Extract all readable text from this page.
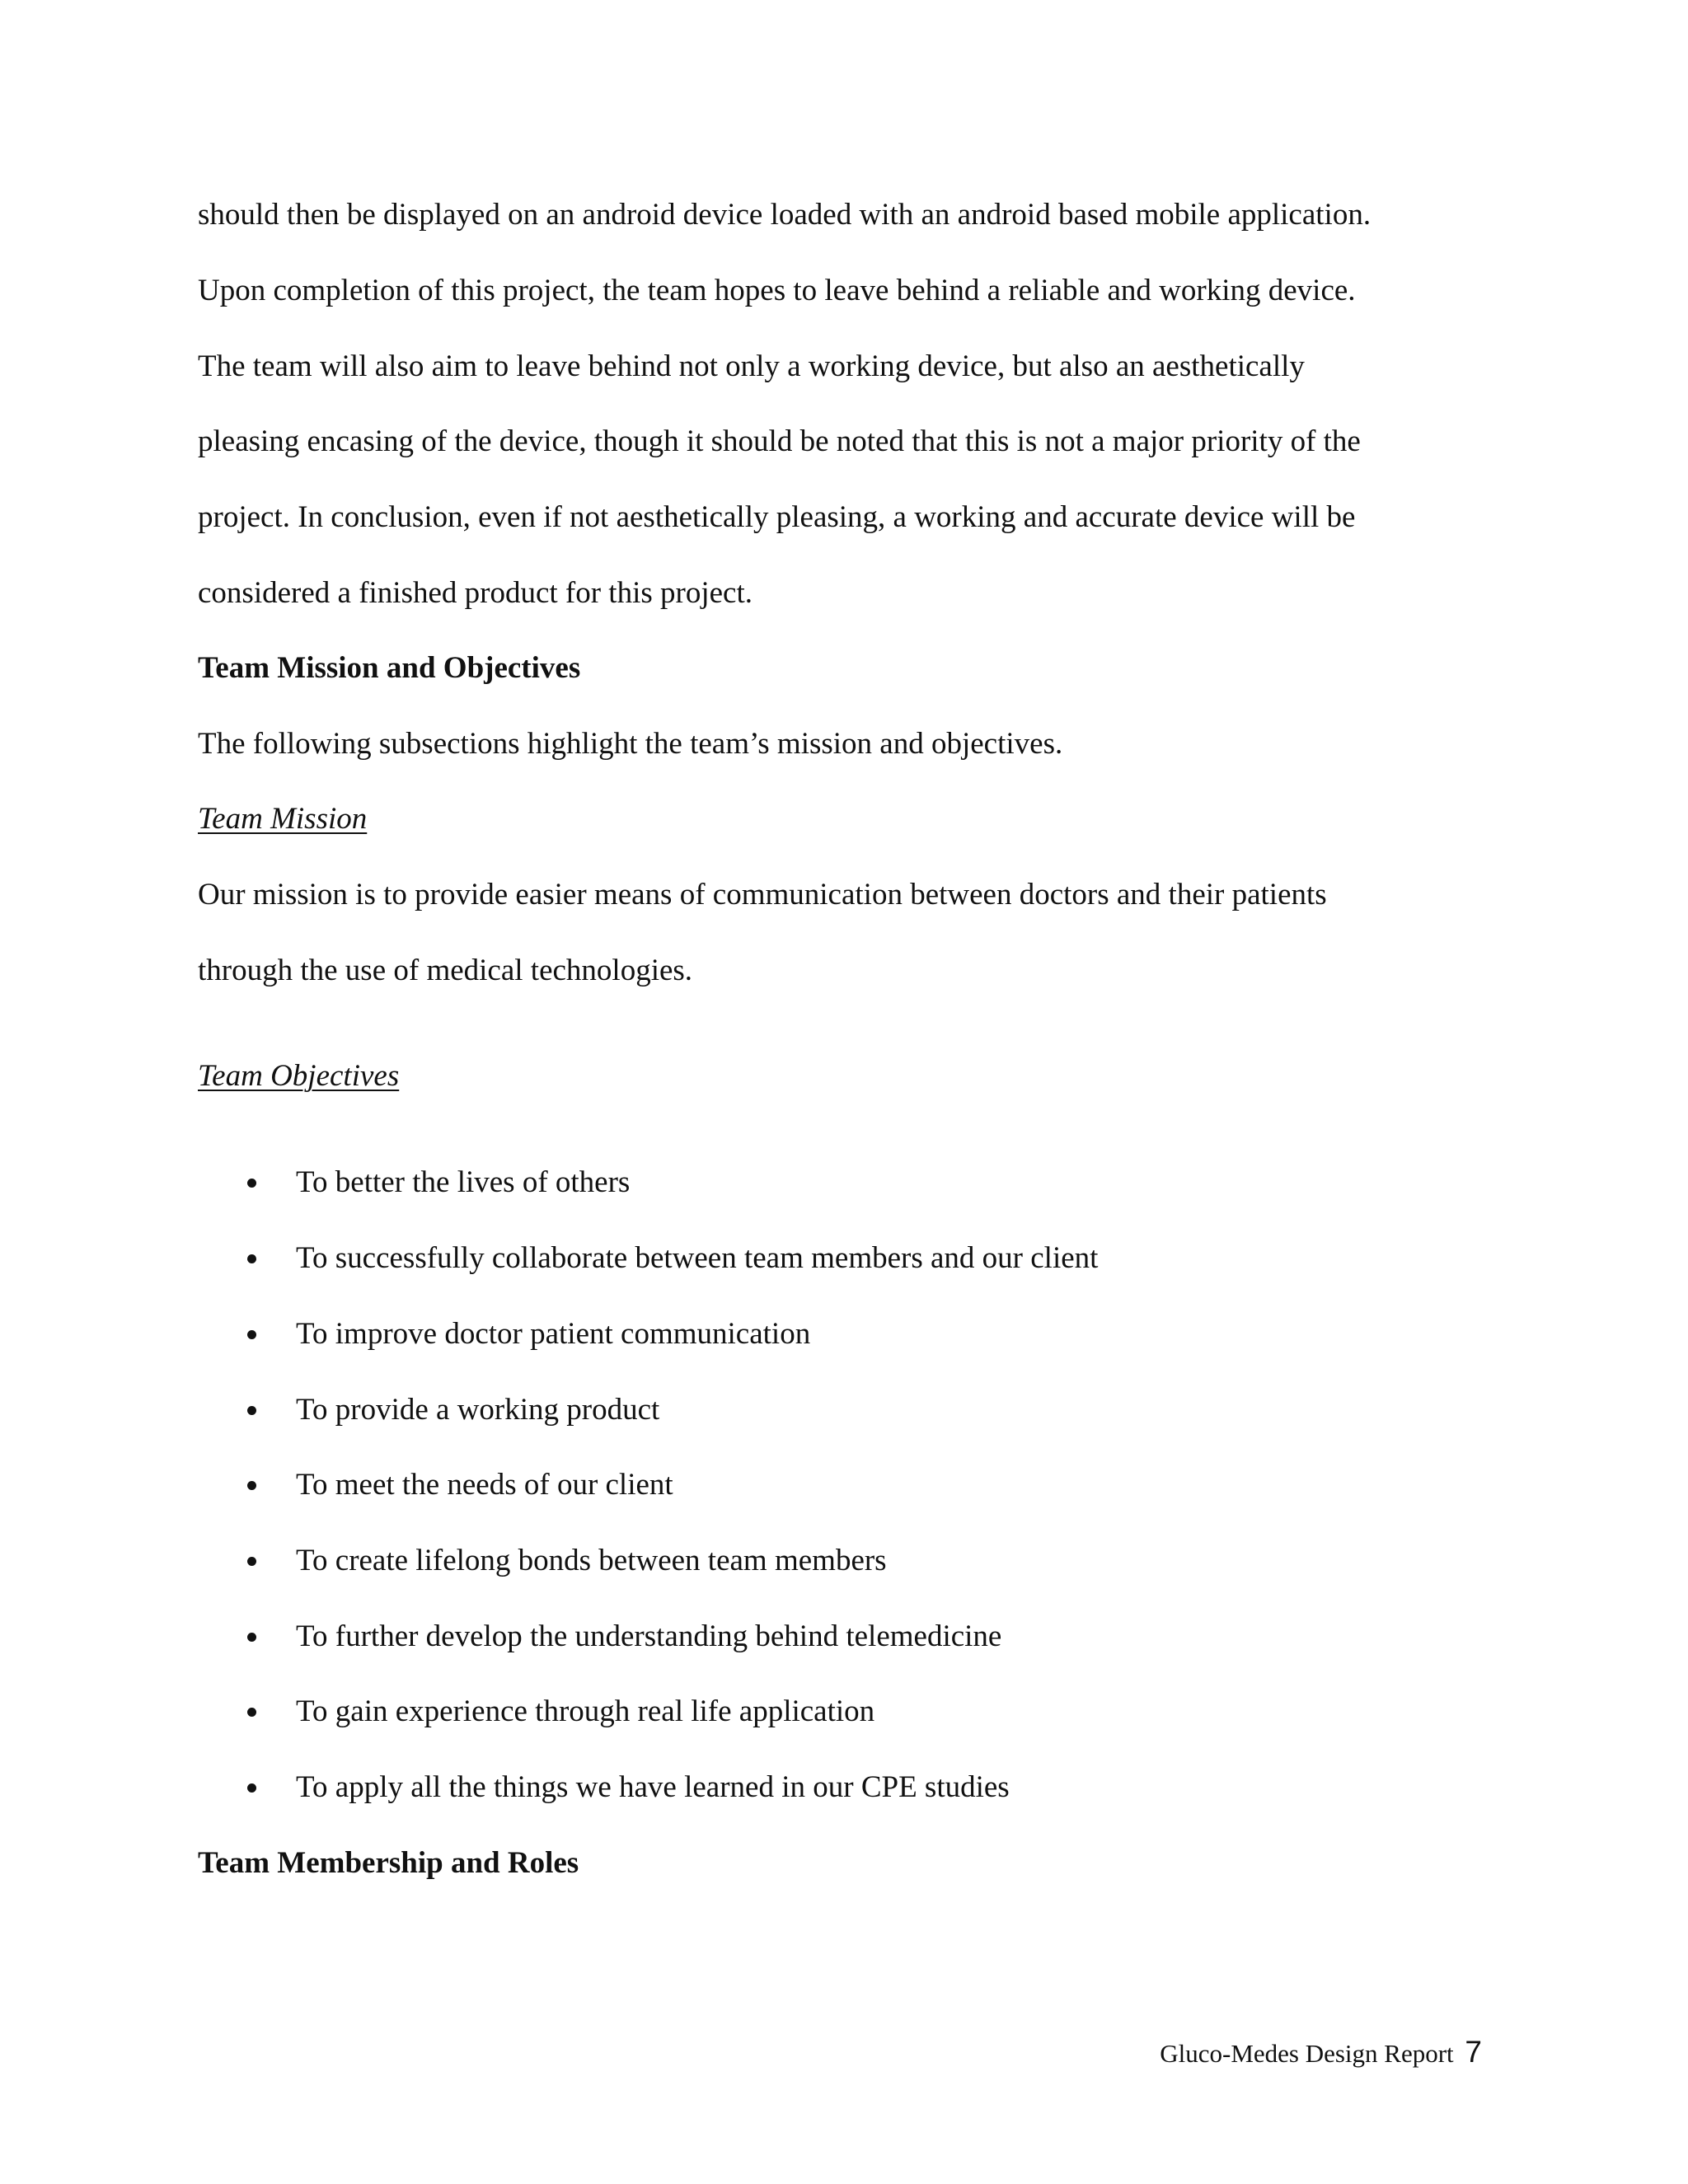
should then be displayed on an android device loaded with an android based mobile application.
Upon completion of this project, the team hopes to leave behind a reliable and working device.
The team will also aim to leave behind not only a working device, but also an aesthetically
pleasing encasing of the device, though it should be noted that this is not a major priority of the
project. In conclusion, even if not aesthetically pleasing, a working and accurate device will be
considered a finished product for this project.
Team Mission and Objectives
The following subsections highlight the team’s mission and objectives.
Team Mission
Our mission is to provide easier means of communication between doctors and their patients
through the use of medical technologies.
Team Objectives
To better the lives of others
To successfully collaborate between team members and our client
To improve doctor patient communication
To provide a working product
To meet the needs of our client
To create lifelong bonds between team members
To further develop the understanding behind telemedicine
To gain experience through real life application
To apply all the things we have learned in our CPE studies
Team Membership and Roles
Gluco-Medes Design Report 7
